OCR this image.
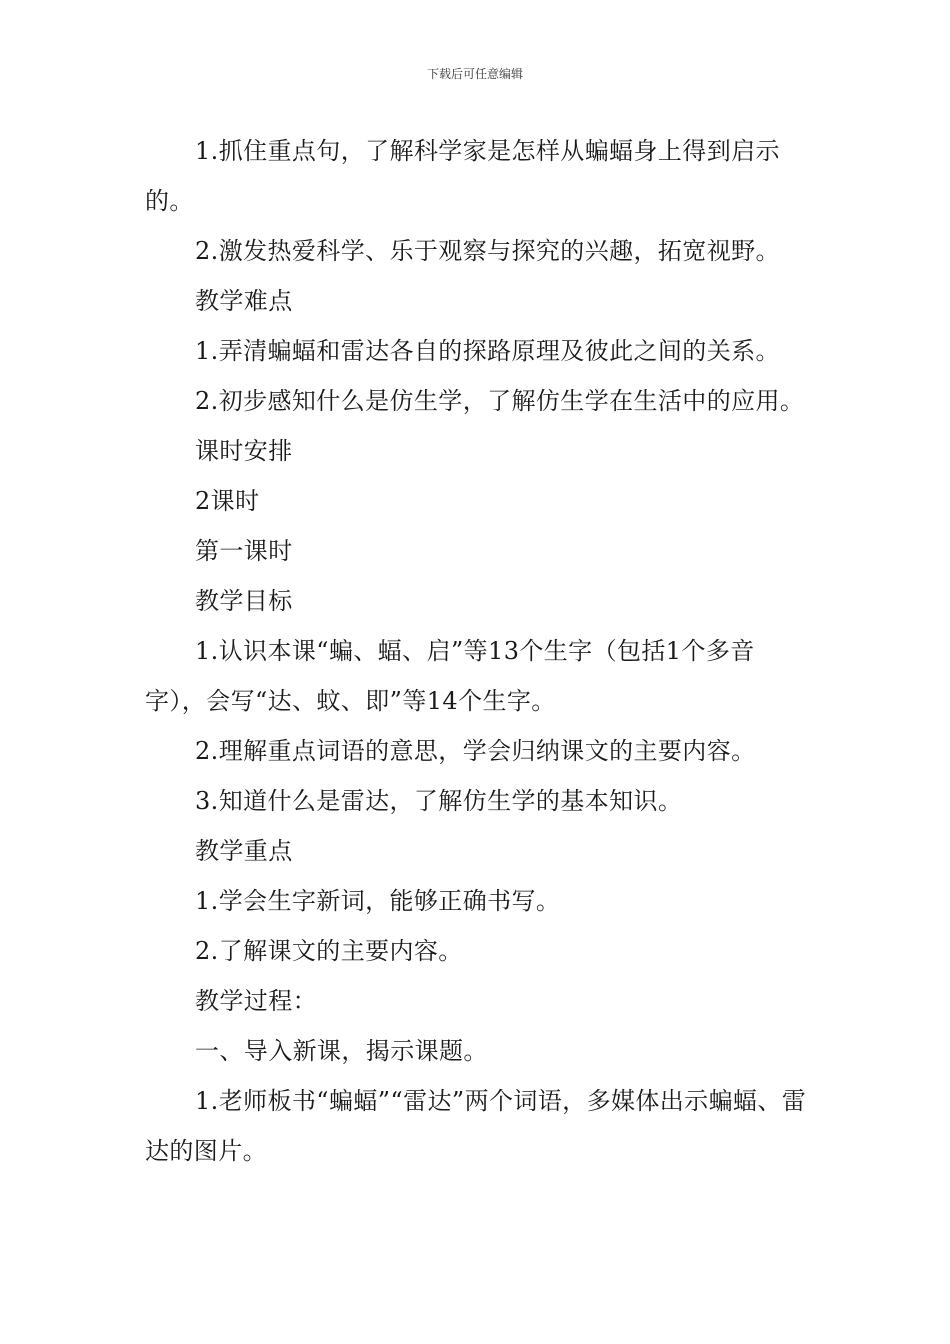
下载后可任意编辑

1.抓住重点句，了解科学家是怎样从蝙蝠身上得到启示的。

2.激发热爱科学、乐于观察与探究的兴趣，拓宽视野。

教学难点

1.弄清蝙蝠和雷达各自的探路原理及彼此之间的关系。

2.初步感知什么是仿生学，了解仿生学在生活中的应用。

课时安排

2课时

第一课时

教学目标

1.认识本课“蝙、蝠、启”等13个生字（包括1个多音字），会写“达、蚊、即”等14个生字。

2.理解重点词语的意思，学会归纳课文的主要内容。

3.知道什么是雷达，了解仿生学的基本知识。

教学重点

1.学会生字新词，能够正确书写。

2.了解课文的主要内容。

教学过程：

一、导入新课，揭示课题。

1.老师板书“蝙蝠”“雷达”两个词语，多媒体出示蝙蝠、雷达的图片。
